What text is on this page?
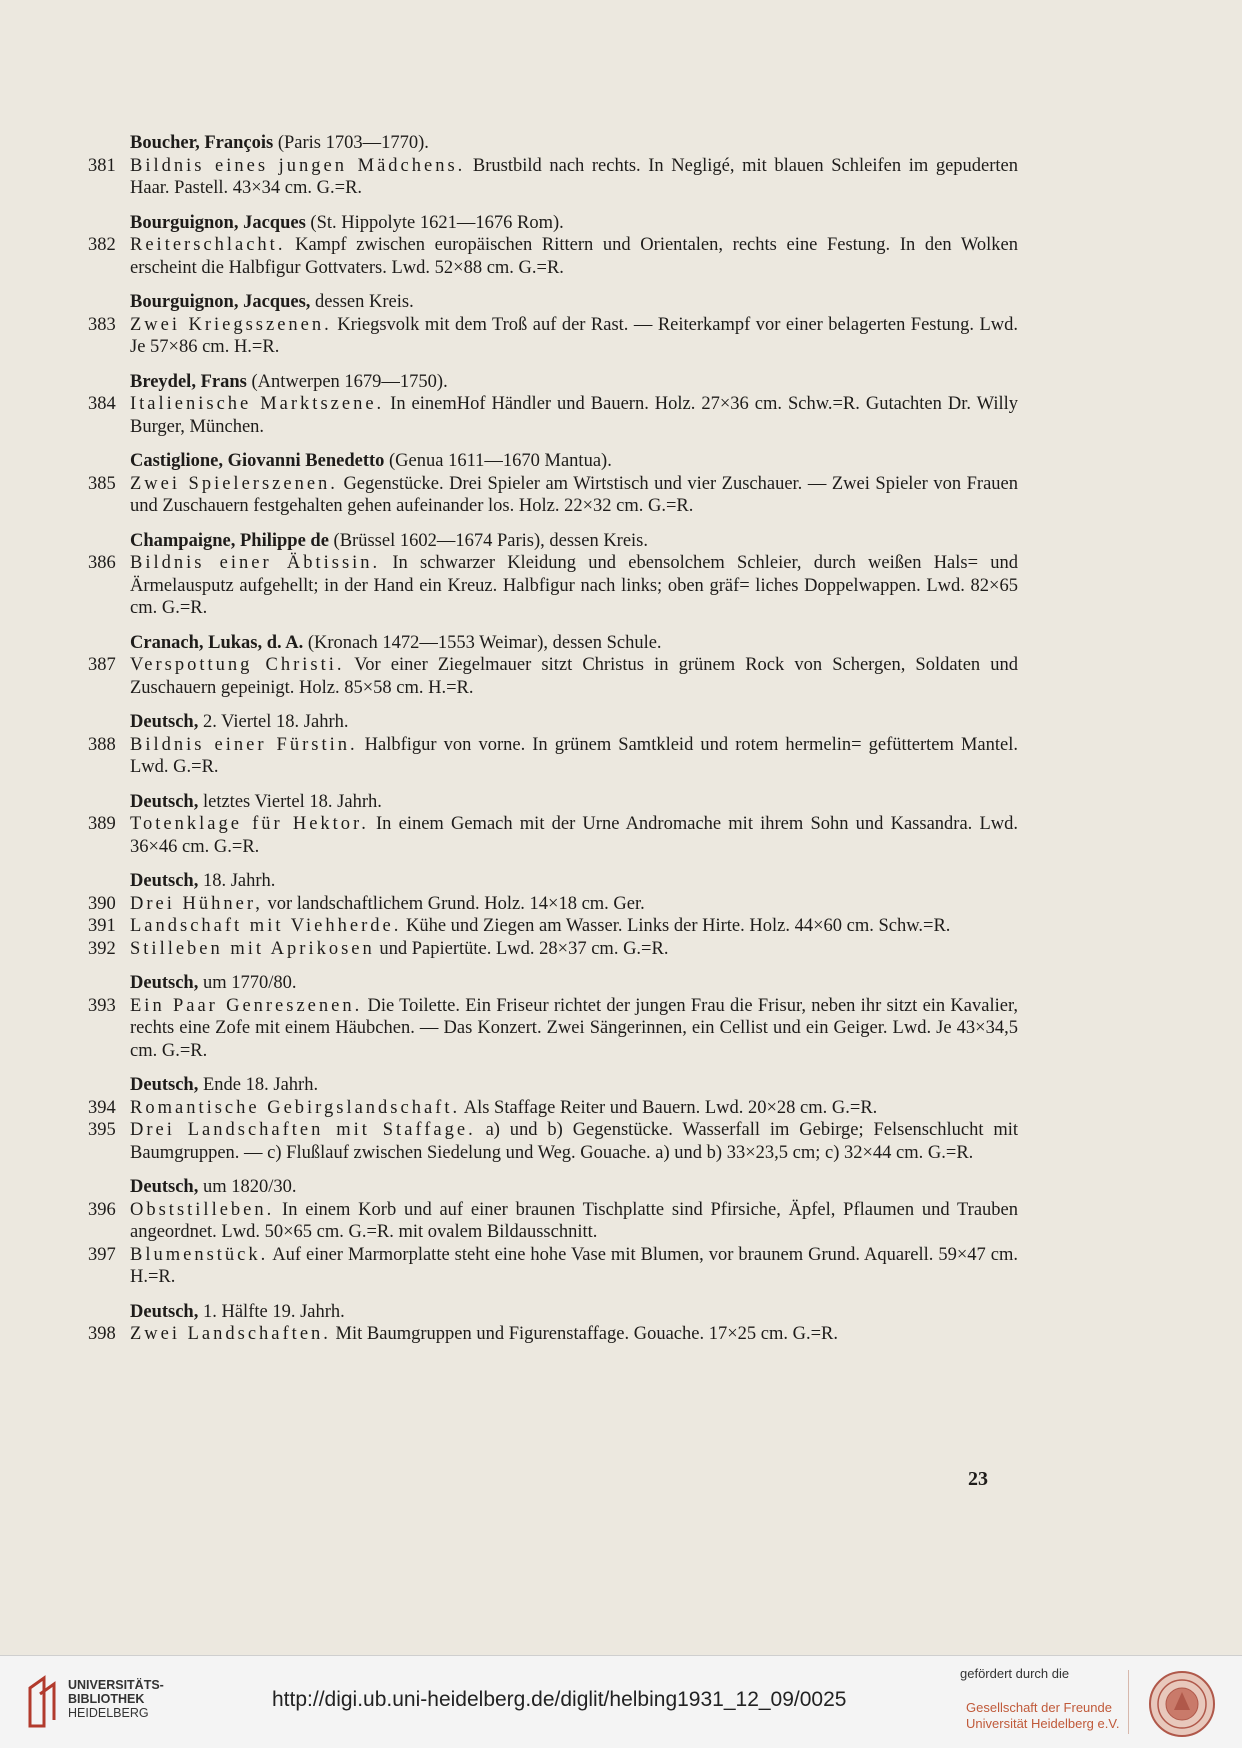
Boucher, François (Paris 1703—1770).
381 Bildnis eines jungen Mädchens. Brustbild nach rechts. In Negligé, mit blauen Schleifen im gepuderten Haar. Pastell. 43×34 cm. G.=R.
Bourguignon, Jacques (St. Hippolyte 1621—1676 Rom).
382 Reiterschlacht. Kampf zwischen europäischen Rittern und Orientalen, rechts eine Festung. In den Wolken erscheint die Halbfigur Gottvaters. Lwd. 52×88 cm. G.=R.
Bourguignon, Jacques, dessen Kreis.
383 Zwei Kriegsszenen. Kriegsvolk mit dem Troß auf der Rast. — Reiterkampf vor einer belagerten Festung. Lwd. Je 57×86 cm. H.=R.
Breydel, Frans (Antwerpen 1679—1750).
384 Italienische Marktszene. In einemHof Händler und Bauern. Holz. 27×36 cm. Schw.=R. Gutachten Dr. Willy Burger, München.
Castiglione, Giovanni Benedetto (Genua 1611—1670 Mantua).
385 Zwei Spielerszenen. Gegenstücke. Drei Spieler am Wirtstisch und vier Zuschauer. — Zwei Spieler von Frauen und Zuschauern festgehalten gehen aufeinander los. Holz. 22×32 cm. G.=R.
Champaigne, Philippe de (Brüssel 1602—1674 Paris), dessen Kreis.
386 Bildnis einer Äbtissin. In schwarzer Kleidung und ebensolchem Schleier, durch weißen Hals= und Ärmelausputz aufgehellt; in der Hand ein Kreuz. Halbfigur nach links; oben gräf= liches Doppelwappen. Lwd. 82×65 cm. G.=R.
Cranach, Lukas, d. A. (Kronach 1472—1553 Weimar), dessen Schule.
387 Verspottung Christi. Vor einer Ziegelmauer sitzt Christus in grünem Rock von Schergen, Soldaten und Zuschauern gepeinigt. Holz. 85×58 cm. H.=R.
Deutsch, 2. Viertel 18. Jahrh.
388 Bildnis einer Fürstin. Halbfigur von vorne. In grünem Samtkleid und rotem hermelin= gefüttertem Mantel. Lwd. G.=R.
Deutsch, letztes Viertel 18. Jahrh.
389 Totenklage für Hektor. In einem Gemach mit der Urne Andromache mit ihrem Sohn und Kassandra. Lwd. 36×46 cm. G.=R.
Deutsch, 18. Jahrh.
390 Drei Hühner, vor landschaftlichem Grund. Holz. 14×18 cm. Ger.
391 Landschaft mit Viehherde. Kühe und Ziegen am Wasser. Links der Hirte. Holz. 44×60 cm. Schw.=R.
392 Stilleben mit Aprikosen und Papiertüte. Lwd. 28×37 cm. G.=R.
Deutsch, um 1770/80.
393 Ein Paar Genreszenen. Die Toilette. Ein Friseur richtet der jungen Frau die Frisur, neben ihr sitzt ein Kavalier, rechts eine Zofe mit einem Häubchen. — Das Konzert. Zwei Sängerinnen, ein Cellist und ein Geiger. Lwd. Je 43×34,5 cm. G.=R.
Deutsch, Ende 18. Jahrh.
394 Romantische Gebirgslandschaft. Als Staffage Reiter und Bauern. Lwd. 20×28 cm. G.=R.
395 Drei Landschaften mit Staffage. a) und b) Gegenstücke. Wasserfall im Gebirge; Felsenschlucht mit Baumgruppen. — c) Flußlauf zwischen Siedelung und Weg. Gouache. a) und b) 33×23,5 cm; c) 32×44 cm. G.=R.
Deutsch, um 1820/30.
396 Obststilleben. In einem Korb und auf einer braunen Tischplatte sind Pfirsiche, Äpfel, Pflaumen und Trauben angeordnet. Lwd. 50×65 cm. G.=R. mit ovalem Bildausschnitt.
397 Blumenstück. Auf einer Marmorplatte steht eine hohe Vase mit Blumen, vor braunem Grund. Aquarell. 59×47 cm. H.=R.
Deutsch, 1. Hälfte 19. Jahrh.
398 Zwei Landschaften. Mit Baumgruppen und Figurenstaffage. Gouache. 17×25 cm. G.=R.
23
UNIVERSITÄTS-
BIBLIOTHEK
HEIDELBERG
http://digi.ub.uni-heidelberg.de/diglit/helbing1931_12_09/0025
gefördert durch die
Gesellschaft der Freunde
Universität Heidelberg e.V.
